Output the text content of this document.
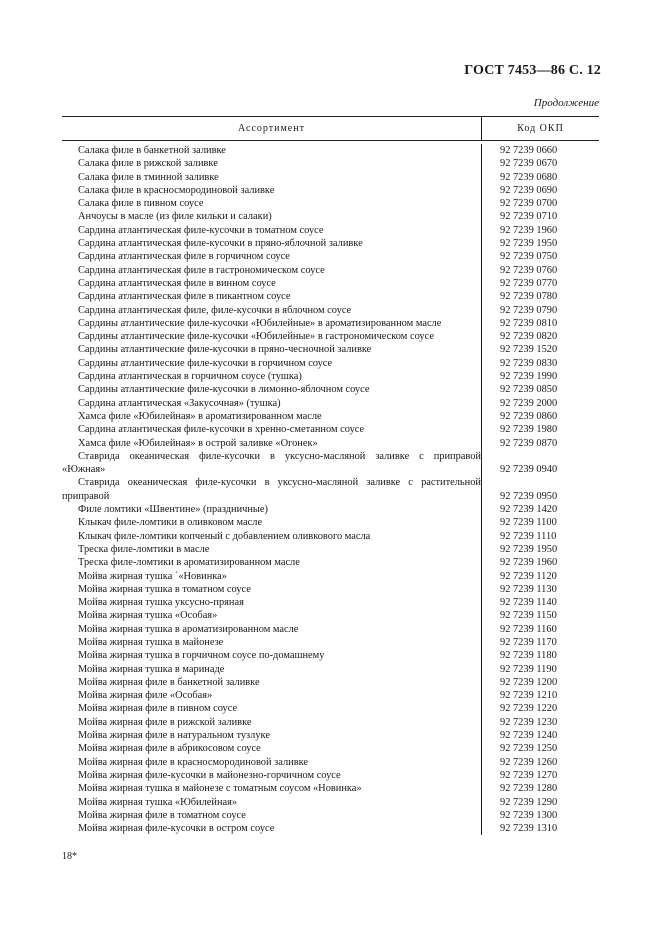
ГОСТ 7453—86 С. 12
Продолжение
Ассортимент	Код ОКП
Салака филе в банкетной заливке	92 7239 0660
Салака филе в рижской заливке	92 7239 0670
Салака филе в тминной заливке	92 7239 0680
Салака филе в красносмородиновой заливке	92 7239 0690
Салака филе в пивном соусе	92 7239 0700
Анчоусы в масле (из филе кильки и салаки)	92 7239 0710
Сардина атлантическая филе-кусочки в томатном соусе	92 7239 1960
Сардина атлантическая филе-кусочки в пряно-яблочной заливке	92 7239 1950
Сардина атлантическая филе в горчичном соусе	92 7239 0750
Сардина атлантическая филе в гастрономическом соусе	92 7239 0760
Сардина атлантическая филе в винном соусе	92 7239 0770
Сардина атлантическая филе в пикантном соусе	92 7239 0780
Сардина атлантическая филе, филе-кусочки в яблочном соусе	92 7239 0790
Сардины атлантические филе-кусочки «Юбилейные» в ароматизированном масле	92 7239 0810
Сардины атлантические филе-кусочки «Юбилейные» в гастрономическом соусе	92 7239 0820
Сардины атлантические филе-кусочки в пряно-чесночной заливке	92 7239 1520
Сардины атлантические филе-кусочки в горчичном соусе	92 7239 0830
Сардина атлантическая в горчичном соусе (тушка)	92 7239 1990
Сардины атлантические филе-кусочки в лимонно-яблочном соусе	92 7239 0850
Сардина атлантическая «Закусочная» (тушка)	92 7239 2000
Хамса филе «Юбилейная» в ароматизированном масле	92 7239 0860
Сардина атлантическая филе-кусочки в хренно-сметанном соусе	92 7239 1980
Хамса филе «Юбилейная» в острой заливке «Огонек»	92 7239 0870
Ставрида океаническая филе-кусочки в уксусно-масляной заливке с приправой
«Южная»	92 7239 0940
Ставрида океаническая филе-кусочки в уксусно-масляной заливке с растительной
приправой	92 7239 0950
Филе ломтики «Швентине» (праздничные)	92 7239 1420
Клыкач филе-ломтики в оливковом масле	92 7239 1100
Клыкач филе-ломтики копченый с добавлением оливкового масла	92 7239 1110
Треска филе-ломтики в масле	92 7239 1950
Треска филе-ломтики в ароматизированном масле	92 7239 1960
Мойва жирная тушка ´«Новинка»	92 7239 1120
Мойва жирная тушка в томатном соусе	92 7239 1130
Мойва жирная тушка уксусно-пряная	92 7239 1140
Мойва жирная тушка «Особая»	92 7239 1150
Мойва жирная тушка в ароматизированном масле	92 7239 1160
Мойва жирная тушка в майонезе	92 7239 1170
Мойва жирная тушка в горчичном соусе по-домашнему	92 7239 1180
Мойва жирная тушка в маринаде	92 7239 1190
Мойва жирная филе в банкетной заливке	92 7239 1200
Мойва жирная филе «Особая»	92 7239 1210
Мойва жирная филе в пивном соусе	92 7239 1220
Мойва жирная филе в рижской заливке	92 7239 1230
Мойва жирная филе в натуральном тузлуке	92 7239 1240
Мойва жирная филе в абрикосовом соусе	92 7239 1250
Мойва жирная филе в красносмородиновой заливке	92 7239 1260
Мойва жирная филе-кусочки в майонезно-горчичном соусе	92 7239 1270
Мойва жирная тушка в майонезе с томатным соусом «Новинка»	92 7239 1280
Мойва жирная тушка «Юбилейная»	92 7239 1290
Мойва жирная филе в томатном соусе	92 7239 1300
Мойва жирная филе-кусочки в остром соусе	92 7239 1310
18*
